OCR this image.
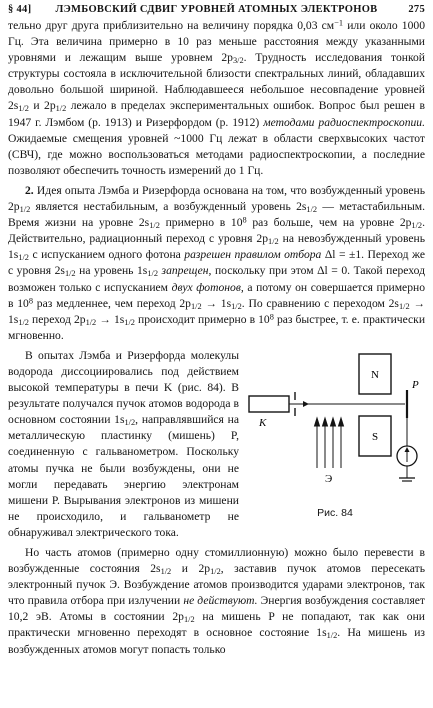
§ 44]	ЛЭМБОВСКИЙ СДВИГ УРОВНЕЙ АТОМНЫХ ЭЛЕКТРОНОВ	275

тельно друг друга приблизительно на величину порядка 0,03 $см^{-1}$ или около 1000 Гц. Эта величина примерно в 10 раз меньше расстояния между указанными уровнями и лежащим выше уровнем $2p_{3/2}$. Трудность исследования тонкой структуры состояла в исключительной близости спектральных линий, обладавших довольно большой шириной. Наблюдавшееся небольшое несовпадение уровней $2s_{1/2}$ и $2p_{1/2}$ лежало в пределах экспериментальных ошибок. Вопрос был решен в 1947 г. Лэмбом (р. 1913) и Ризерфордом (р. 1912) методами радиоспектроскопии. Ожидаемые смещения уровней ~1000 Гц лежат в области сверхвысоких частот (СВЧ), где можно воспользоваться методами радиоспектроскопии, а последние позволяют обеспечить точность измерений до 1 Гц.

2. Идея опыта Лэмба и Ризерфорда основана на том, что возбужденный уровень $2p_{1/2}$ является нестабильным, а возбужденный уровень $2s_{1/2}$ — метастабильным. Время жизни на уровне $2s_{1/2}$ примерно в $10^8$ раз больше, чем на уровне $2p_{1/2}$. Действительно, радиационный переход с уровня $2p_{1/2}$ на невозбужденный уровень $1s_{1/2}$ с испусканием одного фотона разрешен правилом отбора Δl = ±1. Переход же с уровня $2s_{1/2}$ на уровень $1s_{1/2}$ запрещен, поскольку при этом Δl = 0. Такой переход возможен только с испусканием двух фотонов, а потому он совершается примерно в $10^8$ раз медленнее, чем переход $2p_{1/2} \to 1s_{1/2}$. По сравнению с переходом $2s_{1/2} \to 1s_{1/2}$ переход $2p_{1/2} \to 1s_{1/2}$ происходит примерно в $10^8$ раз быстрее, т. е. практически мгновенно.

N
S
K
P
Э
Рис. 84

В опытах Лэмба и Ризерфорда молекулы водорода диссоциировались под действием высокой температуры в печи K (рис. 84). В результате получался пучок атомов водорода в основном состоянии $1s_{1/2}$, направлявшийся на металлическую пластинку (мишень) P, соединенную с гальванометром. Поскольку атомы пучка не были возбуждены, они не могли передавать энергию электронам мишени P. Вырывания электронов из мишени не происходило, и гальванометр не обнаруживал электрического тока.

Но часть атомов (примерно одну стомиллионную) можно было перевести в возбужденные состояния $2s_{1/2}$ и $2p_{1/2}$, заставив пучок атомов пересекать электронный пучок Э. Возбуждение атомов производится ударами электронов, так что правила отбора при излучении не действуют. Энергия возбуждения составляет 10,2 эВ. Атомы в состоянии $2p_{1/2}$ на мишень P не попадают, так как они практически мгновенно переходят в основное состояние $1s_{1/2}$. На мишень из возбужденных атомов могут попасть только
